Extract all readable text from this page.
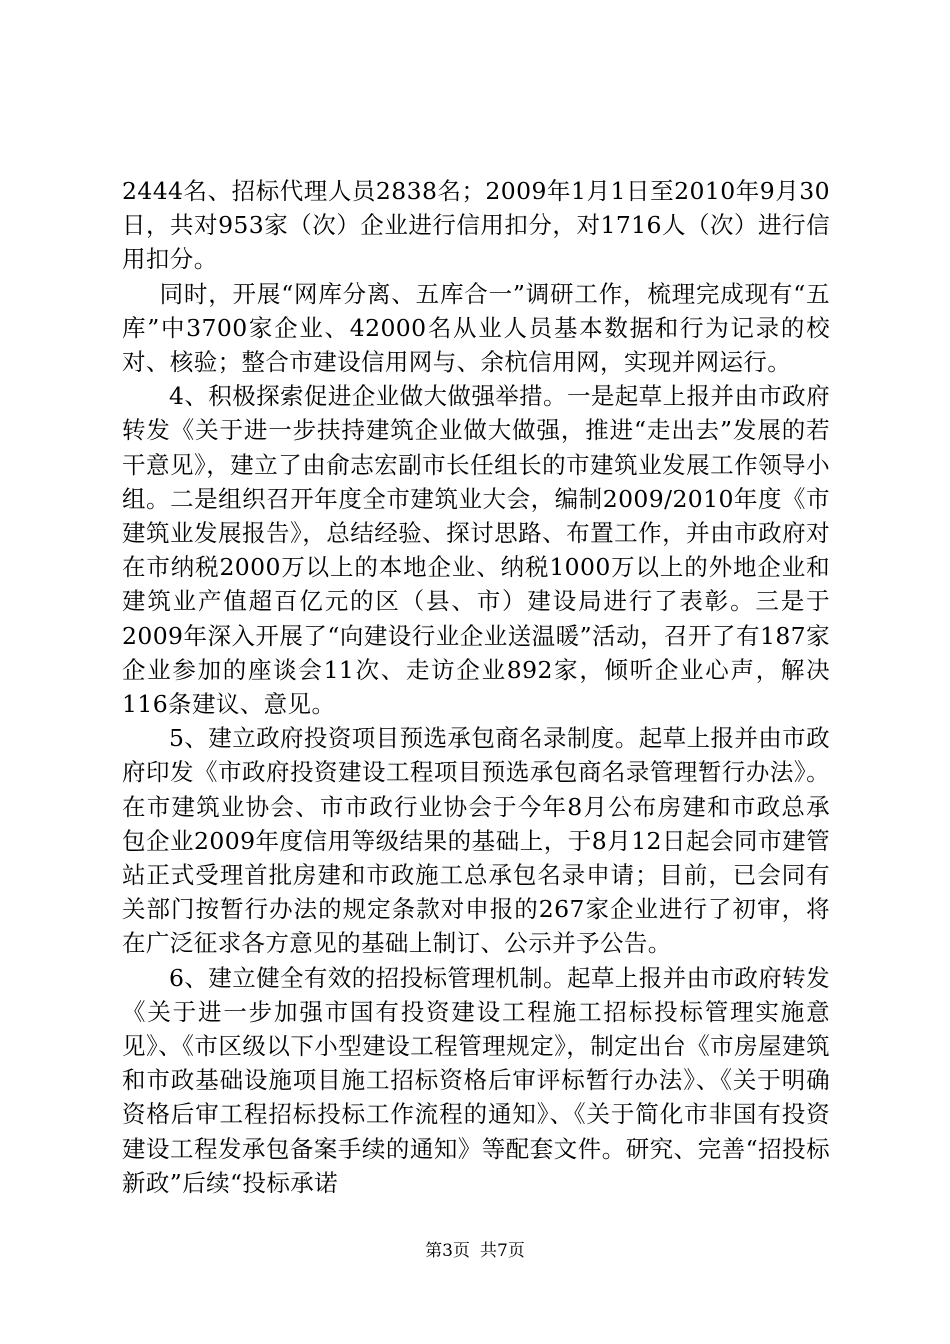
2444名、招标代理人员2838名；2009年1月1日至2010年9月30日，共对953家（次）企业进行信用扣分，对1716人（次）进行信用扣分。

同时，开展“网库分离、五库合一”调研工作，梳理完成现有“五库”中3700家企业、42000名从业人员基本数据和行为记录的校对、核验；整合市建设信用网与、余杭信用网，实现并网运行。

4、积极探索促进企业做大做强举措。一是起草上报并由市政府转发《关于进一步扶持建筑企业做大做强，推进“走出去”发展的若干意见》，建立了由俞志宏副市长任组长的市建筑业发展工作领导小组。二是组织召开年度全市建筑业大会，编制2009/2010年度《市建筑业发展报告》，总结经验、探讨思路、布置工作，并由市政府对在市纳税2000万以上的本地企业、纳税1000万以上的外地企业和建筑业产值超百亿元的区（县、市）建设局进行了表彰。三是于2009年深入开展了“向建设行业企业送温暖”活动，召开了有187家企业参加的座谈会11次、走访企业892家，倾听企业心声，解决116条建议、意见。

5、建立政府投资项目预选承包商名录制度。起草上报并由市政府印发《市政府投资建设工程项目预选承包商名录管理暂行办法》。在市建筑业协会、市市政行业协会于今年8月公布房建和市政总承包企业2009年度信用等级结果的基础上，于8月12日起会同市建管站正式受理首批房建和市政施工总承包名录申请；目前，已会同有关部门按暂行办法的规定条款对申报的267家企业进行了初审，将在广泛征求各方意见的基础上制订、公示并予公告。

6、建立健全有效的招投标管理机制。起草上报并由市政府转发《关于进一步加强市国有投资建设工程施工招标投标管理实施意见》、《市区级以下小型建设工程管理规定》，制定出台《市房屋建筑和市政基础设施项目施工招标资格后审评标暂行办法》、《关于明确资格后审工程招标投标工作流程的通知》、《关于简化市非国有投资建设工程发承包备案手续的通知》等配套文件。研究、完善“招投标新政”后续“投标承诺

第3页 共7页
